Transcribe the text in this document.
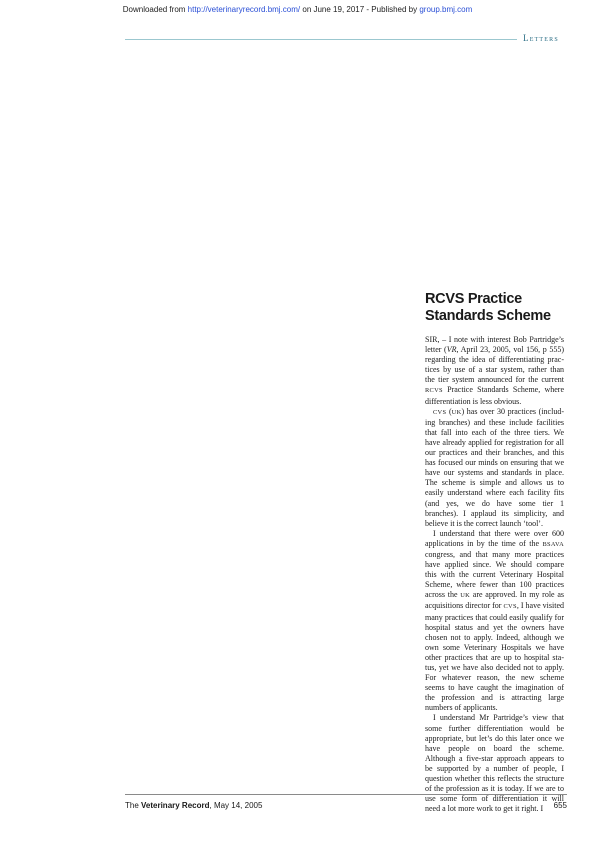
Downloaded from http://veterinaryrecord.bmj.com/ on June 19, 2017 - Published by group.bmj.com
Letters
RCVS Practice Standards Scheme

SIR, – I note with interest Bob Partridge’s letter (VR, April 23, 2005, vol 156, p 555) regarding the idea of differentiating practices by use of a star system, rather than the tier system announced for the current RCVS Practice Standards Scheme, where differentiation is less obvious.

CVS (UK) has over 30 practices (including branches) and these include facilities that fall into each of the three tiers. We have already applied for registration for all our practices and their branches, and this has focused our minds on ensuring that we have our systems and standards in place. The scheme is simple and allows us to easily understand where each facility fits (and yes, we do have some tier 1 branches). I applaud its simplicity, and believe it is the correct launch ‘tool’.

I understand that there were over 600 applications in by the time of the BSAVA congress, and that many more practices have applied since. We should compare this with the current Veterinary Hospital Scheme, where fewer than 100 practices across the UK are approved. In my role as acquisitions director for CVS, I have visited many practices that could easily qualify for hospital status and yet the owners have chosen not to apply. Indeed, although we own some Veterinary Hospitals we have other practices that are up to hospital status, yet we have also decided not to apply. For whatever reason, the new scheme seems to have caught the imagination of the profession and is attracting large numbers of applicants.

I understand Mr Partridge’s view that some further differentiation would be appropriate, but let’s do this later once we have people on board the scheme. Although a five-star approach appears to be supported by a number of people, I question whether this reflects the structure of the profession as it is today. If we are to use some form of differentiation it will need a lot more work to get it right. I

The Veterinary Record, May 14, 2005	655
